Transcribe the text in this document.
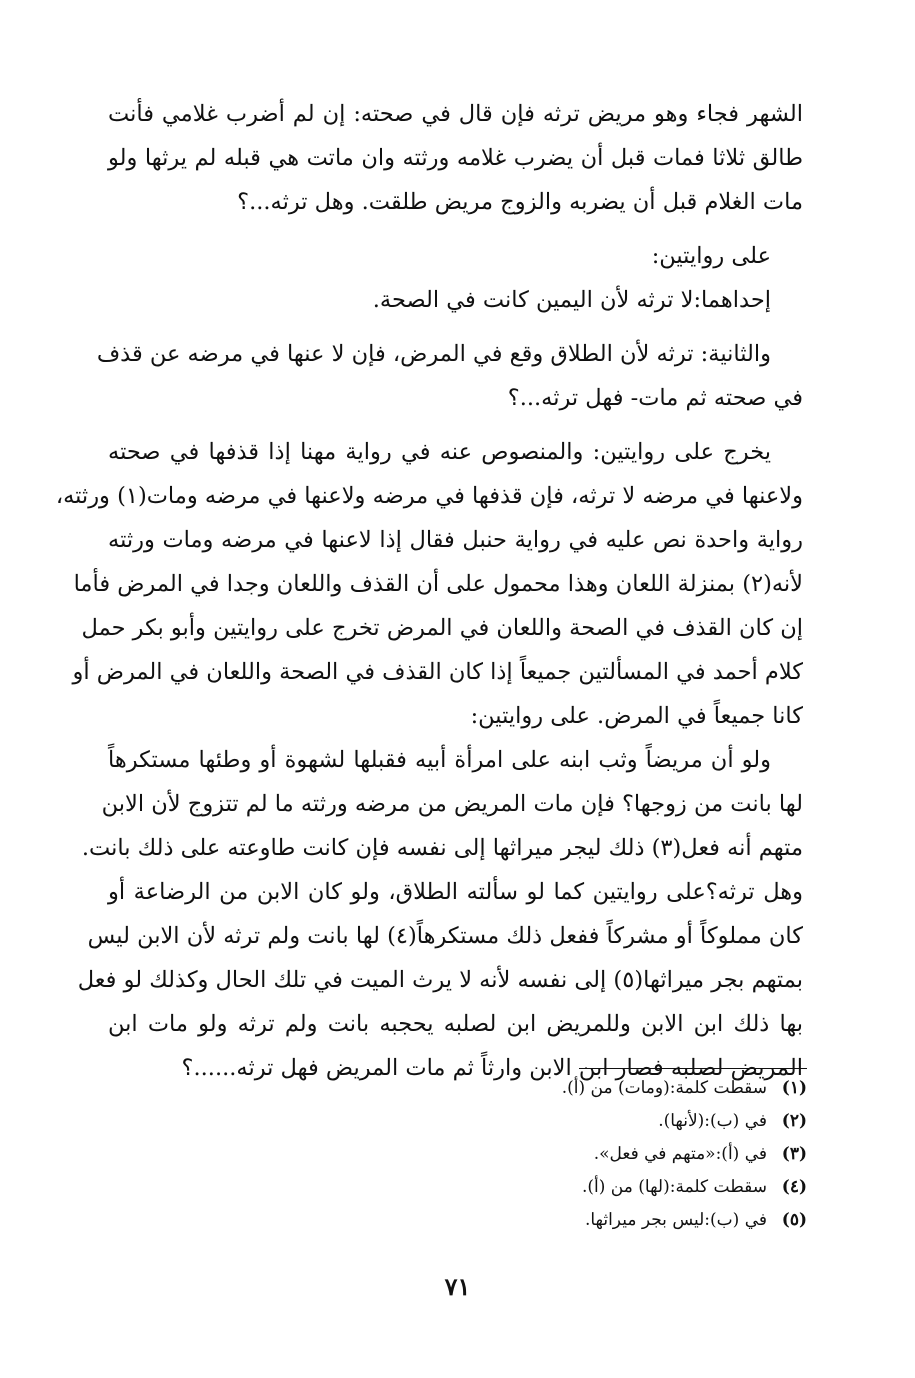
الشهر فجاء وهو مريض ترثه فإن قال في صحته: إن لم أضرب غلامي فأنت
طالق ثلاثا فمات قبل أن يضرب غلامه ورثته وان ماتت هي قبله لم يرثها ولو
مات الغلام قبل أن يضربه والزوج مريض طلقت. وهل ترثه...؟
على روايتين:
إحداهما:لا ترثه لأن اليمين كانت في الصحة.
والثانية: ترثه لأن الطلاق وقع في المرض، فإن لا عنها في مرضه عن قذف
في صحته ثم مات- فهل ترثه...؟
يخرج على روايتين: والمنصوص عنه في رواية مهنا إذا قذفها في صحته
ولاعنها في مرضه لا ترثه، فإن قذفها في مرضه ولاعنها في مرضه ومات(١) ورثته،
رواية واحدة نص عليه في رواية حنبل فقال إذا لاعنها في مرضه ومات ورثته
لأنه(٢) بمنزلة اللعان وهذا محمول على أن القذف واللعان وجدا في المرض فأما
إن كان القذف في الصحة واللعان في المرض تخرج على روايتين وأبو بكر حمل
كلام أحمد في المسألتين جميعاً إذا كان القذف في الصحة واللعان في المرض أو
كانا جميعاً في المرض. على روايتين:
ولو أن مريضاً وثب ابنه على امرأة أبيه فقبلها لشهوة أو وطئها مستكرهاً
لها بانت من زوجها؟ فإن مات المريض من مرضه ورثته ما لم تتزوج لأن الابن
متهم أنه فعل(٣) ذلك ليجر ميراثها إلى نفسه فإن كانت طاوعته على ذلك بانت.
وهل ترثه؟على روايتين كما لو سألته الطلاق، ولو كان الابن من الرضاعة أو
كان مملوكاً أو مشركاً ففعل ذلك مستكرهاً(٤) لها بانت ولم ترثه لأن الابن ليس
بمتهم بجر ميراثها(٥) إلى نفسه لأنه لا يرث الميت في تلك الحال وكذلك لو فعل
بها ذلك ابن الابن وللمريض ابن لصلبه يحجبه بانت ولم ترثه ولو مات ابن
المريض لصلبه فصار ابن الابن وارثاً ثم مات المريض فهل ترثه......؟
(١)سقطت كلمة:(ومات) من (أ).
(٢)في (ب):(لأنها).
(٣)في (أ):«متهم في فعل».
(٤)سقطت كلمة:(لها) من (أ).
(٥)في (ب):ليس بجر ميراثها.
٧١
